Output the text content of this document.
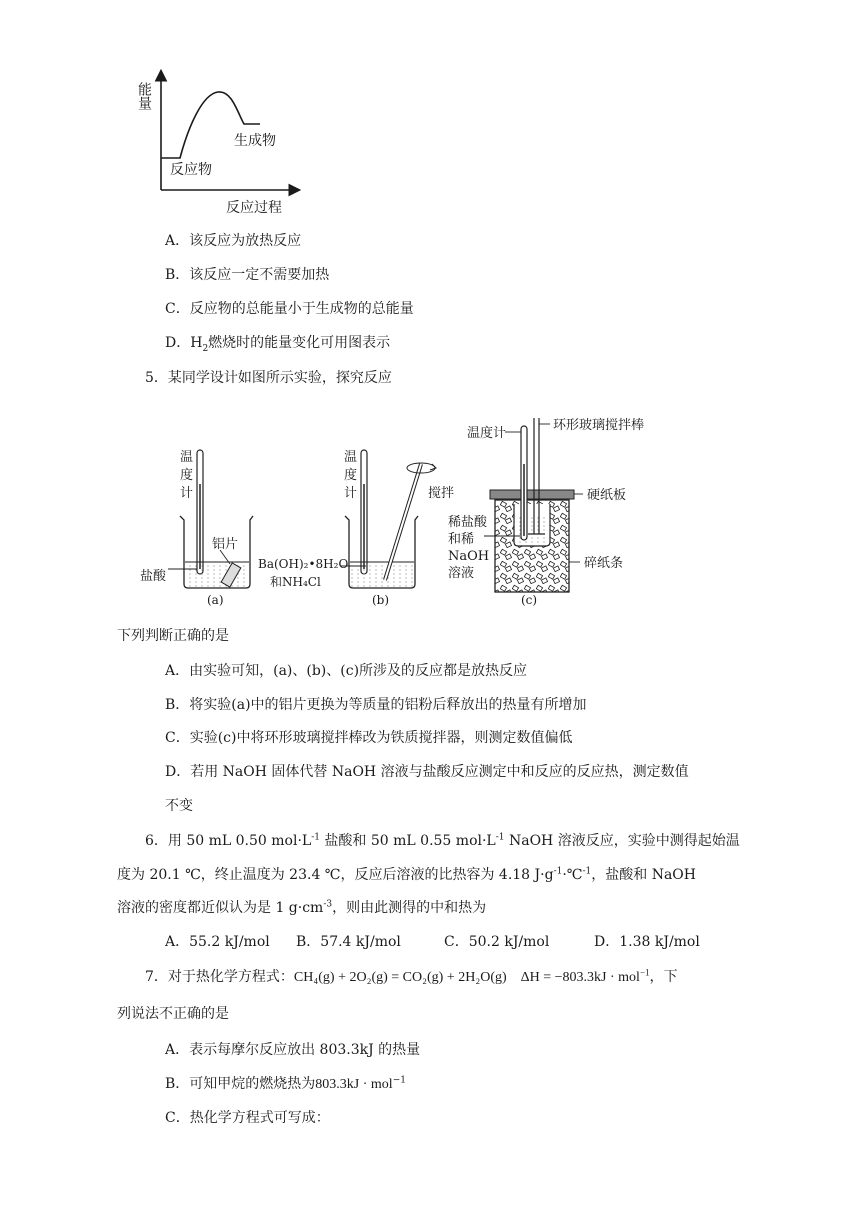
能量
生成物
反应物
反应过程
A．该反应为放热反应
B．该反应一定不需要加热
C．反应物的总能量小于生成物的总能量
D．$H_2$燃烧时的能量变化可用图表示
5．某同学设计如图所示实验，探究反应
温
度
计
铝片
盐酸
(a)
温
度
计	搅拌
Ba(OH)₂•8H₂O
和NH₄Cl
(b)
温度计
环形玻璃搅拌棒
硬纸板
稀盐酸
和稀
NaOH
溶液
碎纸条
(c)
下列判断正确的是
A．由实验可知，(a)、(b)、(c)所涉及的反应都是放热反应
B．将实验(a)中的铝片更换为等质量的铝粉后释放出的热量有所增加
C．实验(c)中将环形玻璃搅拌棒改为铁质搅拌器，则测定数值偏低
D．若用 NaOH 固体代替 NaOH 溶液与盐酸反应测定中和反应的反应热，测定数值
不变
6．用 50 mL 0.50 $mol\cdot L^{-1}$ 盐酸和 50 mL 0.55 $mol\cdot L^{-1}$ NaOH 溶液反应，实验中测得起始温
度为 20.1 ℃，终止温度为 23.4 ℃，反应后溶液的比热容为 4.18 $J\cdot g^{-1}\cdot℃^{-1}$，盐酸和 NaOH
溶液的密度都近似认为是 1 $g\cdot cm^{-3}$，则由此测得的中和热为
A．55.2 kJ/mol B．57.4 kJ/mol	C．50.2 kJ/mol	D．1.38 kJ/mol
7．对于热化学方程式：CH₄(g) + 2O₂(g) = CO₂(g) + 2H₂O(g) ΔH = −803.3kJ · mol$^{-1}$，下
列说法不正确的是
A．表示每摩尔反应放出 803.3kJ 的热量
B．可知甲烷的燃烧热为803.3kJ · mol$^{-1}$
C．热化学方程式可写成：
